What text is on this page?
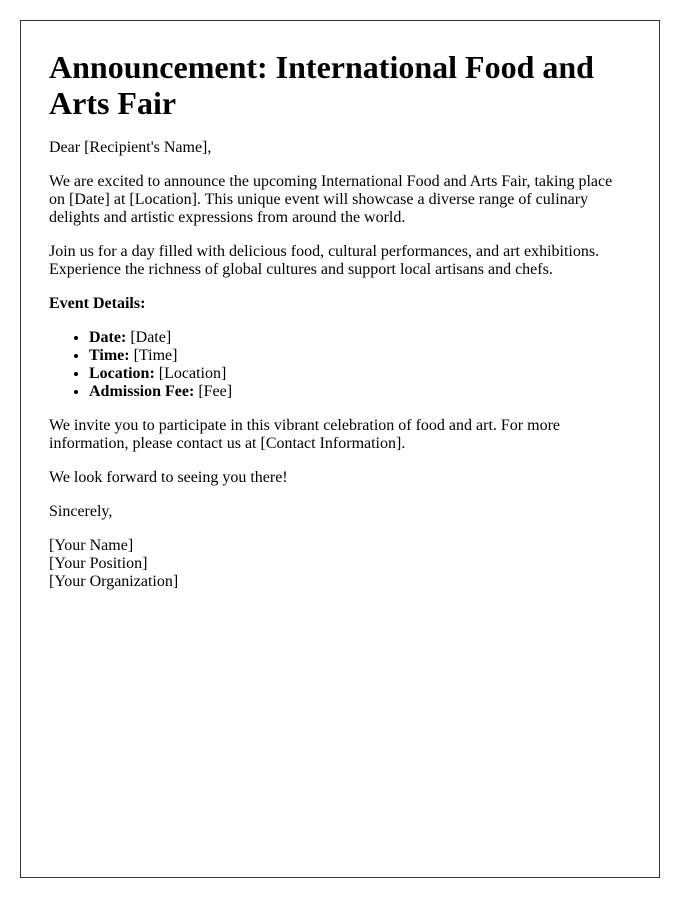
Announcement: International Food and Arts Fair

Dear [Recipient's Name],

We are excited to announce the upcoming International Food and Arts Fair, taking place on [Date] at [Location]. This unique event will showcase a diverse range of culinary delights and artistic expressions from around the world.

Join us for a day filled with delicious food, cultural performances, and art exhibitions. Experience the richness of global cultures and support local artisans and chefs.

Event Details:

• Date: [Date]
• Time: [Time]
• Location: [Location]
• Admission Fee: [Fee]

We invite you to participate in this vibrant celebration of food and art. For more information, please contact us at [Contact Information].

We look forward to seeing you there!

Sincerely,

[Your Name]
[Your Position]
[Your Organization]
